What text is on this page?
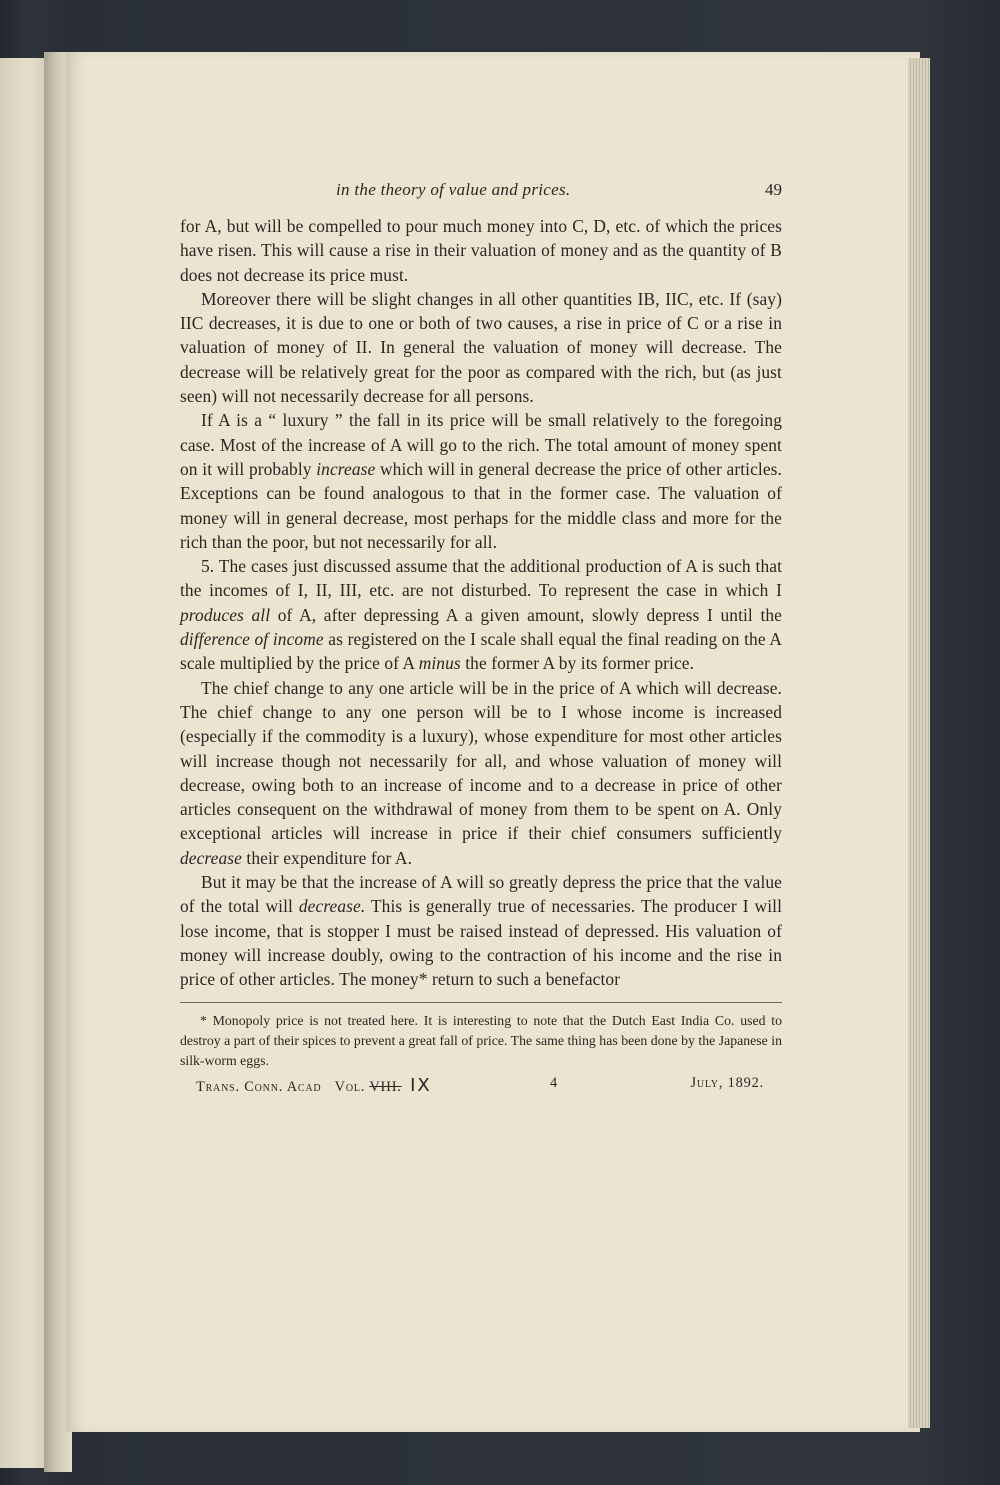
in the theory of value and prices.	49

for A, but will be compelled to pour much money into C, D, etc. of which the prices have risen. This will cause a rise in their valuation of money and as the quantity of B does not decrease its price must.

Moreover there will be slight changes in all other quantities IB, IIC, etc. If (say) IIC decreases, it is due to one or both of two causes, a rise in price of C or a rise in valuation of money of II. In general the valuation of money will decrease. The decrease will be relatively great for the poor as compared with the rich, but (as just seen) will not necessarily decrease for all persons.

If A is a “ luxury ” the fall in its price will be small relatively to the foregoing case. Most of the increase of A will go to the rich. The total amount of money spent on it will probably increase which will in general decrease the price of other articles. Exceptions can be found analogous to that in the former case. The valuation of money will in general decrease, most perhaps for the middle class and more for the rich than the poor, but not necessarily for all.

5. The cases just discussed assume that the additional production of A is such that the incomes of I, II, III, etc. are not disturbed. To represent the case in which I produces all of A, after depressing A a given amount, slowly depress I until the difference of income as registered on the I scale shall equal the final reading on the A scale multiplied by the price of A minus the former A by its former price.

The chief change to any one article will be in the price of A which will decrease. The chief change to any one person will be to I whose income is increased (especially if the commodity is a luxury), whose expenditure for most other articles will increase though not necessarily for all, and whose valuation of money will decrease, owing both to an increase of income and to a decrease in price of other articles consequent on the withdrawal of money from them to be spent on A. Only exceptional articles will increase in price if their chief consumers sufficiently decrease their expenditure for A.

But it may be that the increase of A will so greatly depress the price that the value of the total will decrease. This is generally true of necessaries. The producer I will lose income, that is stopper I must be raised instead of depressed. His valuation of money will increase doubly, owing to the contraction of his income and the rise in price of other articles. The money* return to such a benefactor

* Monopoly price is not treated here. It is interesting to note that the Dutch East India Co. used to destroy a part of their spices to prevent a great fall of price. The same thing has been done by the Japanese in silk-worm eggs.

Trans. Conn. Acad Vol. VIII. IX	4	July, 1892.
